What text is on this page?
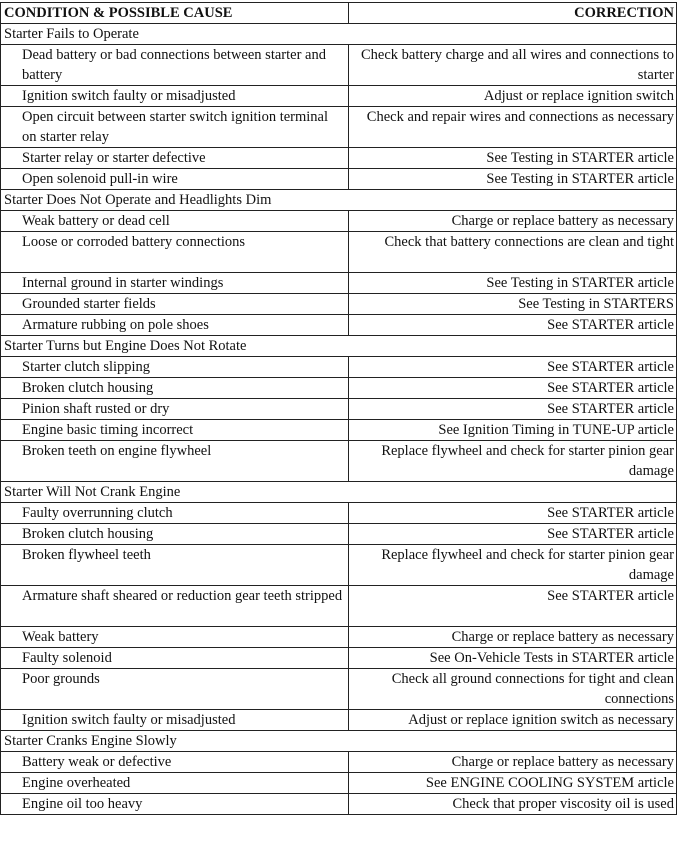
CONDITION & POSSIBLE CAUSE	CORRECTION
Starter Fails to Operate	
Dead battery or bad connections between starter and battery	Check battery charge and all wires and connections to starter
Ignition switch faulty or misadjusted	Adjust or replace ignition switch
Open circuit between starter switch ignition terminal on starter relay	Check and repair wires and connections as necessary
Starter relay or starter defective	See Testing in STARTER article
Open solenoid pull-in wire	See Testing in STARTER article
Starter Does Not Operate and Headlights Dim	
Weak battery or dead cell	Charge or replace battery as necessary
Loose or corroded battery connections	Check that battery connections are clean and tight
Internal ground in starter windings	See Testing in STARTER article
Grounded starter fields	See Testing in STARTERS
Armature rubbing on pole shoes	See STARTER article
Starter Turns but Engine Does Not Rotate	
Starter clutch slipping	See STARTER article
Broken clutch housing	See STARTER article
Pinion shaft rusted or dry	See STARTER article
Engine basic timing incorrect	See Ignition Timing in TUNE-UP article
Broken teeth on engine flywheel	Replace flywheel and check for starter pinion gear damage
Starter Will Not Crank Engine	
Faulty overrunning clutch	See STARTER article
Broken clutch housing	See STARTER article
Broken flywheel teeth	Replace flywheel and check for starter pinion gear damage
Armature shaft sheared or reduction gear teeth stripped	See STARTER article
Weak battery	Charge or replace battery as necessary
Faulty solenoid	See On-Vehicle Tests in STARTER article
Poor grounds	Check all ground connections for tight and clean connections
Ignition switch faulty or misadjusted	Adjust or replace ignition switch as necessary
Starter Cranks Engine Slowly	
Battery weak or defective	Charge or replace battery as necessary
Engine overheated	See ENGINE COOLING SYSTEM article
Engine oil too heavy	Check that proper viscosity oil is used
